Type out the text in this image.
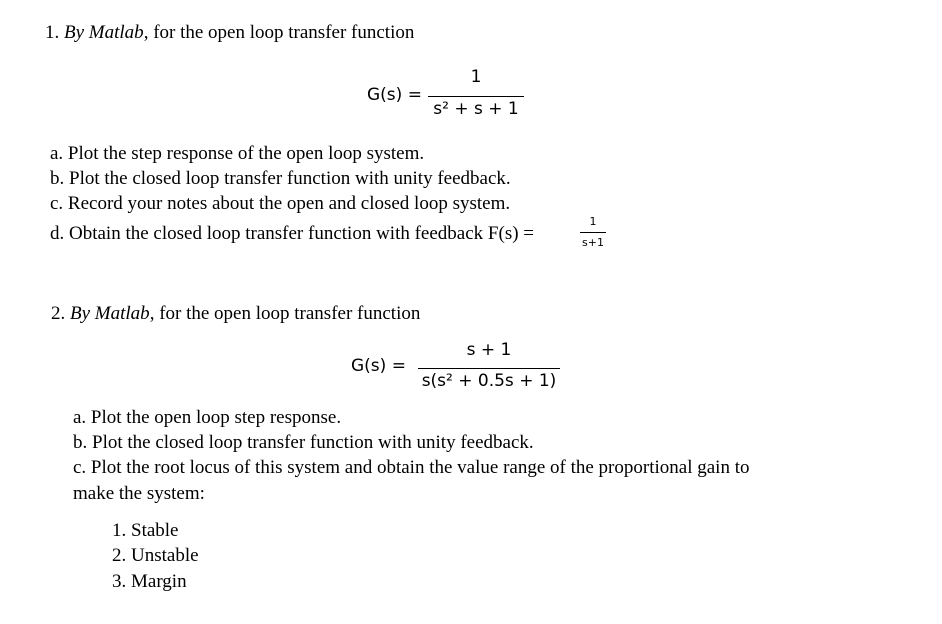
1. By Matlab, for the open loop transfer function
G(s) =
1
s² + s + 1
a. Plot the step response of the open loop system.
b. Plot the closed loop transfer function with unity feedback.
c. Record your notes about the open and closed loop system.
d. Obtain the closed loop transfer function with feedback F(s) =
1
s+1
2. By Matlab, for the open loop transfer function
G(s) =
s + 1
s(s² + 0.5s + 1)
a. Plot the open loop step response.
b. Plot the closed loop transfer function with unity feedback.
c. Plot the root locus of this system and obtain the value range of the proportional gain to
make the system:
1. Stable
2. Unstable
3. Margin
